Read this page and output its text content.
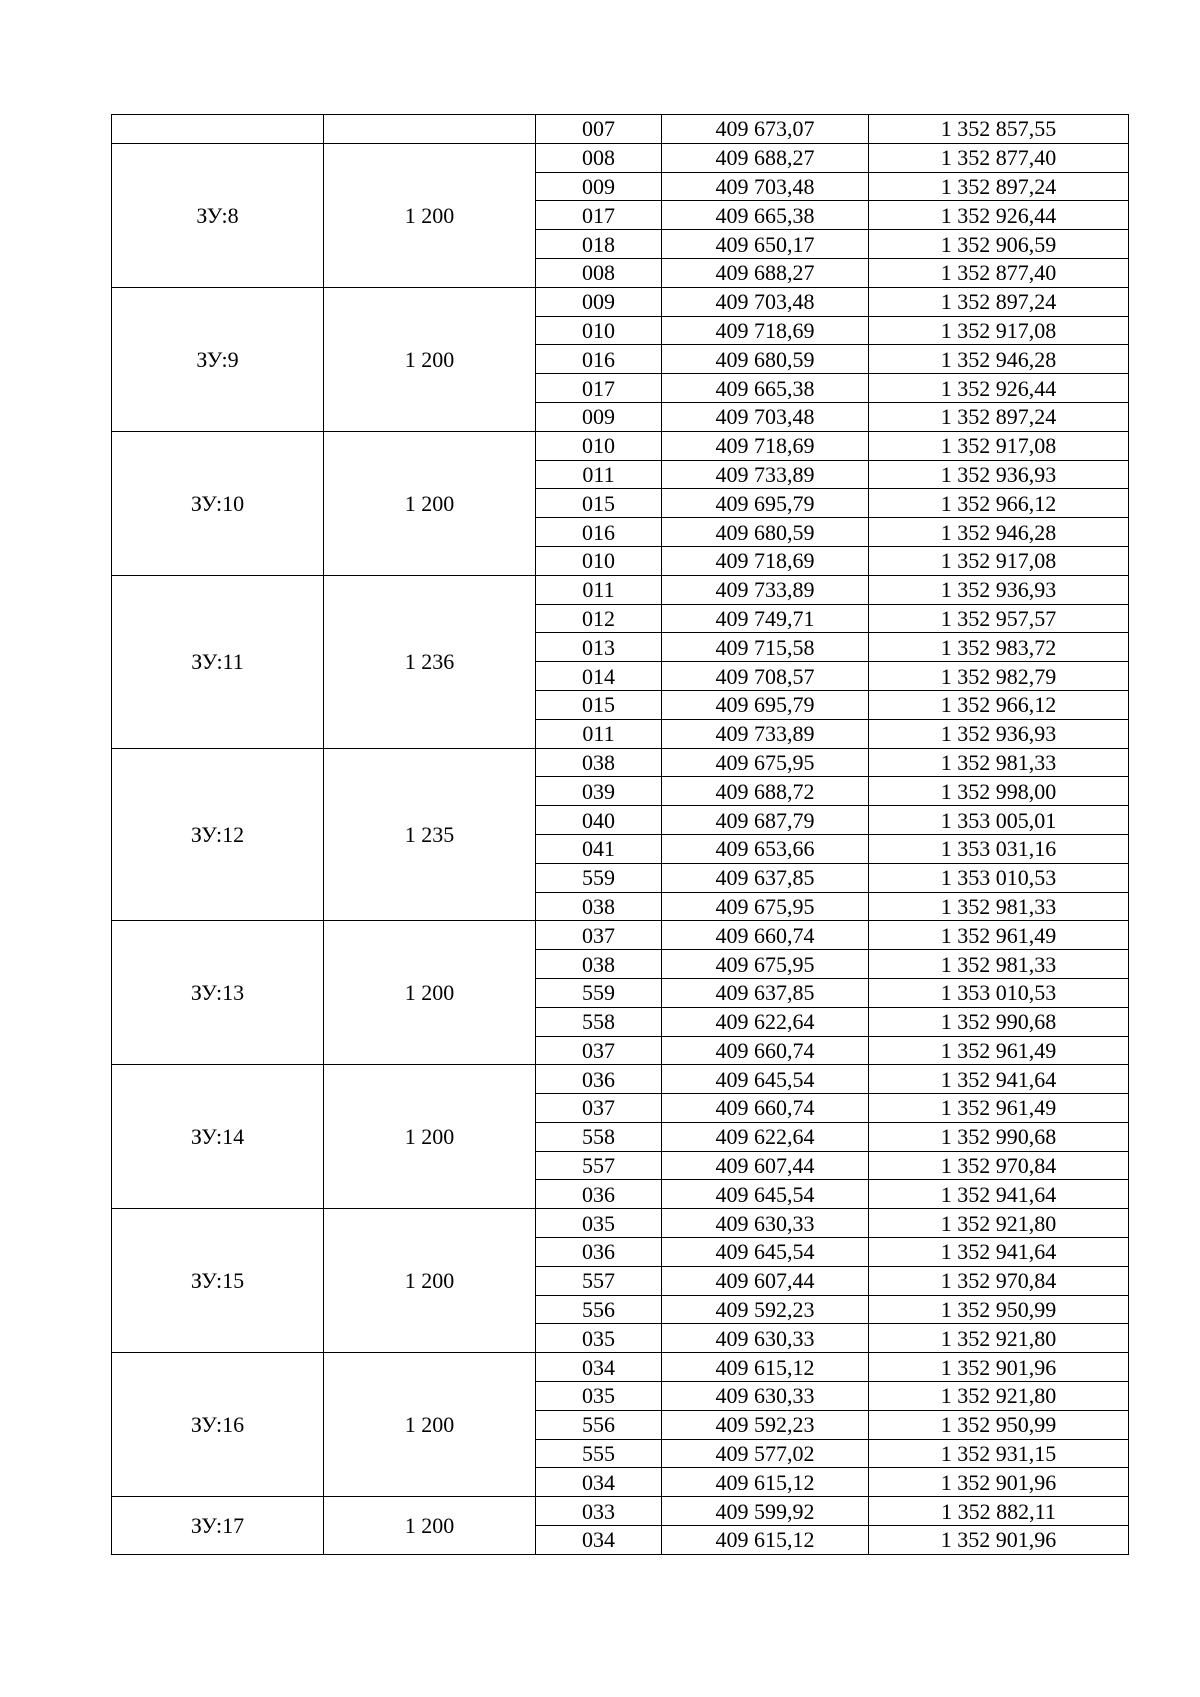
		007	409 673,07	1 352 857,55
ЗУ:8	1 200	008	409 688,27	1 352 877,40
		009	409 703,48	1 352 897,24
		017	409 665,38	1 352 926,44
		018	409 650,17	1 352 906,59
		008	409 688,27	1 352 877,40
ЗУ:9	1 200	009	409 703,48	1 352 897,24
		010	409 718,69	1 352 917,08
		016	409 680,59	1 352 946,28
		017	409 665,38	1 352 926,44
		009	409 703,48	1 352 897,24
ЗУ:10	1 200	010	409 718,69	1 352 917,08
		011	409 733,89	1 352 936,93
		015	409 695,79	1 352 966,12
		016	409 680,59	1 352 946,28
		010	409 718,69	1 352 917,08
ЗУ:11	1 236	011	409 733,89	1 352 936,93
		012	409 749,71	1 352 957,57
		013	409 715,58	1 352 983,72
		014	409 708,57	1 352 982,79
		015	409 695,79	1 352 966,12
		011	409 733,89	1 352 936,93
ЗУ:12	1 235	038	409 675,95	1 352 981,33
		039	409 688,72	1 352 998,00
		040	409 687,79	1 353 005,01
		041	409 653,66	1 353 031,16
		559	409 637,85	1 353 010,53
		038	409 675,95	1 352 981,33
ЗУ:13	1 200	037	409 660,74	1 352 961,49
		038	409 675,95	1 352 981,33
		559	409 637,85	1 353 010,53
		558	409 622,64	1 352 990,68
		037	409 660,74	1 352 961,49
ЗУ:14	1 200	036	409 645,54	1 352 941,64
		037	409 660,74	1 352 961,49
		558	409 622,64	1 352 990,68
		557	409 607,44	1 352 970,84
		036	409 645,54	1 352 941,64
ЗУ:15	1 200	035	409 630,33	1 352 921,80
		036	409 645,54	1 352 941,64
		557	409 607,44	1 352 970,84
		556	409 592,23	1 352 950,99
		035	409 630,33	1 352 921,80
ЗУ:16	1 200	034	409 615,12	1 352 901,96
		035	409 630,33	1 352 921,80
		556	409 592,23	1 352 950,99
		555	409 577,02	1 352 931,15
		034	409 615,12	1 352 901,96
ЗУ:17	1 200	033	409 599,92	1 352 882,11
		034	409 615,12	1 352 901,96
